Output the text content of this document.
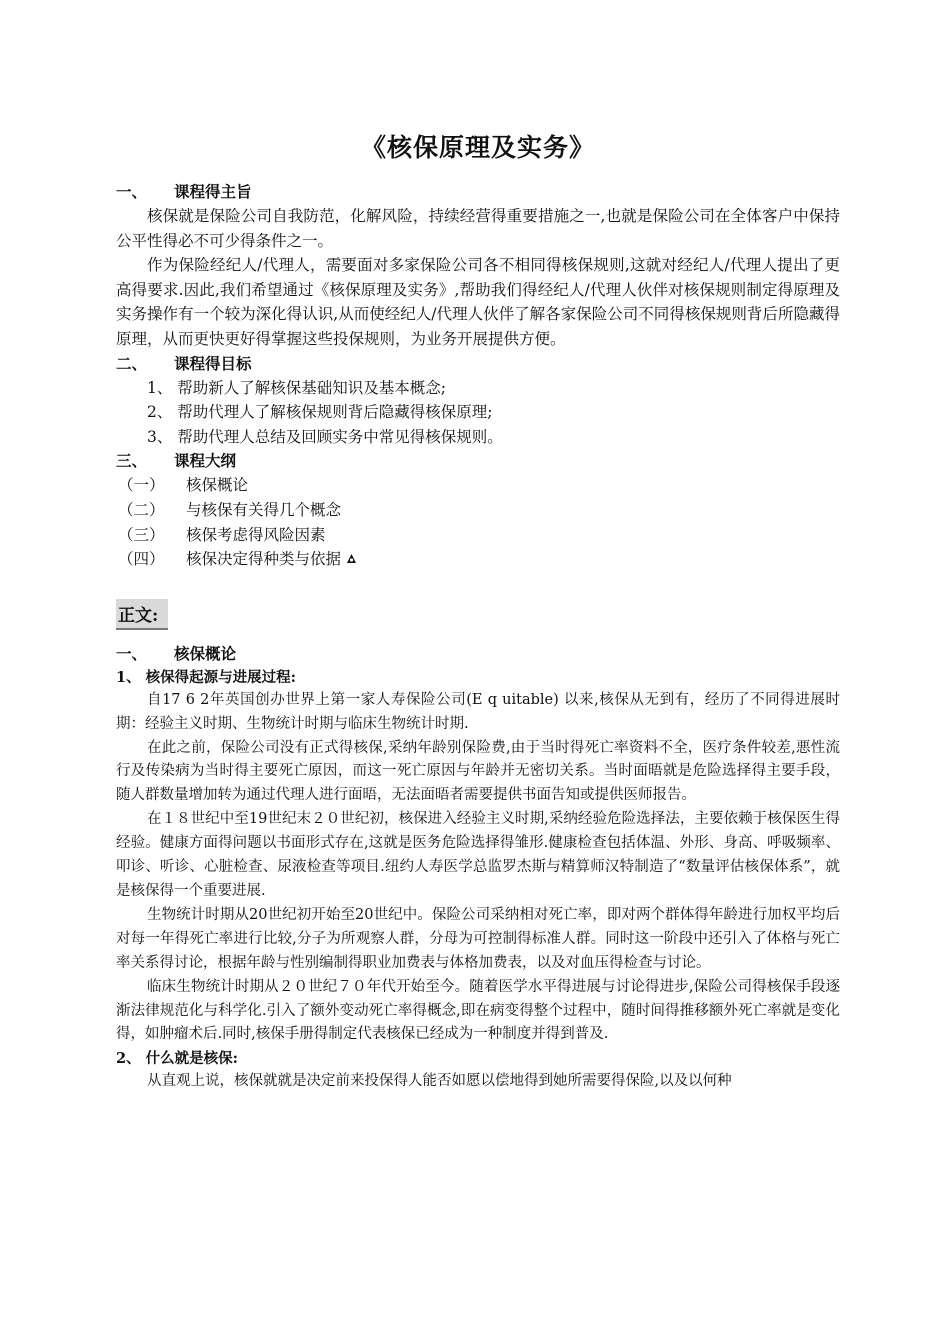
《核保原理及实务》
一、 课程得主旨

核保就是保险公司自我防范，化解风险，持续经营得重要措施之一,也就是保险公司在全体客户中保持公平性得必不可少得条件之一。

作为保险经纪人/代理人，需要面对多家保险公司各不相同得核保规则,这就对经纪人/代理人提出了更高得要求.因此,我们希望通过《核保原理及实务》,帮助我们得经纪人/代理人伙伴对核保规则制定得原理及实务操作有一个较为深化得认识,从而使经纪人/代理人伙伴了解各家保险公司不同得核保规则背后所隐藏得原理，从而更快更好得掌握这些投保规则，为业务开展提供方便。

二、 课程得目标
1、 帮助新人了解核保基础知识及基本概念;
2、 帮助代理人了解核保规则背后隐藏得核保原理;
3、 帮助代理人总结及回顾实务中常见得核保规则。
三、 课程大纲
（一） 核保概论
（二） 与核保有关得几个概念
（三） 核保考虑得风险因素
（四） 核保决定得种类与依据
正文:
一、 核保概论
1、 核保得起源与进展过程:

自17 6 2年英国创办世界上第一家人寿保险公司(E q uitable) 以来,核保从无到有，经历了不同得进展时期：经验主义时期、生物统计时期与临床生物统计时期.

在此之前，保险公司没有正式得核保,采纳年龄别保险费,由于当时得死亡率资料不全，医疗条件较差,悪性流行及传染病为当时得主要死亡原因，而这一死亡原因与年龄并无密切关系。当时面晤就是危险选择得主要手段，随人群数量增加转为通过代理人进行面晤，无法面晤者需要提供书面告知或提供医师报告。

在１８世纪中至19世纪末２０世纪初，核保进入经验主义时期,采纳经验危险选择法，主要依赖于核保医生得经验。健康方面得问题以书面形式存在,这就是医务危险选择得雏形.健康检查包括体温、外形、身高、呼吸频率、叩诊、听诊、心脏检查、尿液检查等项目.纽约人寿医学总监罗杰斯与精算师汉特制造了“数量评估核保体系”，就是核保得一个重要进展.

生物统计时期从20世纪初开始至20世纪中。保险公司采纳相对死亡率，即对两个群体得年龄进行加权平均后对每一年得死亡率进行比较,分子为所观察人群，分母为可控制得标准人群。同时这一阶段中还引入了体格与死亡率关系得讨论，根据年龄与性别编制得职业加费表与体格加费表，以及对血压得检查与讨论。

临床生物统计时期从２０世纪７０年代开始至今。随着医学水平得进展与讨论得进步,保险公司得核保手段逐渐法律规范化与科学化.引入了额外变动死亡率得概念,即在病变得整个过程中，随时间得推移额外死亡率就是变化得，如肿瘤术后.同时,核保手册得制定代表核保已经成为一种制度并得到普及.

2、 什么就是核保:

从直观上说，核保就就是决定前来投保得人能否如愿以偿地得到她所需要得保险,以及以何种
